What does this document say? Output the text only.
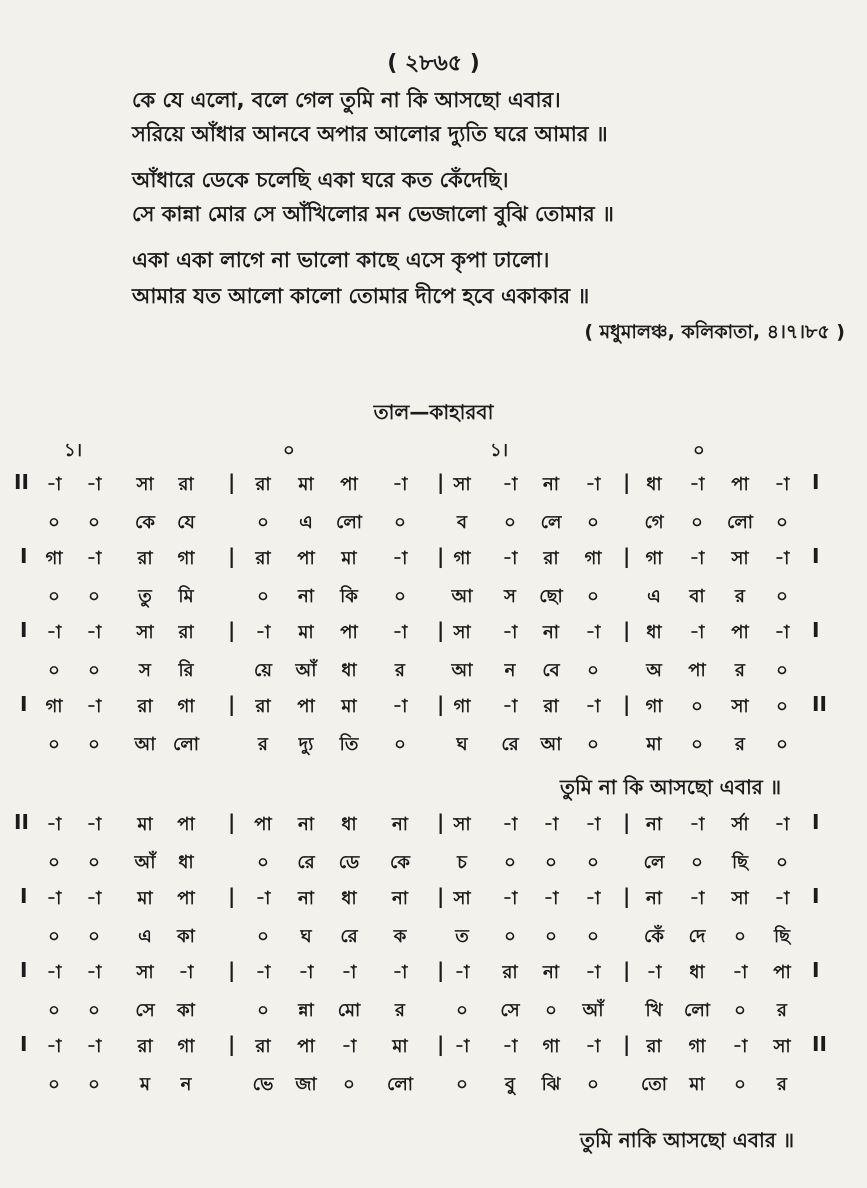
( ২৮৬৫ )
কে যে এলো, বলে গেল তুমি না কি আসছো এবার।
সরিয়ে আঁধার আনবে অপার আলোর দ্যুতি ঘরে আমার ॥
আঁধারে ডেকে চলেছি একা ঘরে কত কেঁদেছি।
সে কান্না মোর সে আঁখিলোর মন ভেজালো বুঝি তোমার ॥
একা একা লাগে না ভালো কাছে এসে কৃপা ঢালো।
আমার যত আলো কালো তোমার দীপে হবে একাকার ॥
( মধুমালঞ্চ, কলিকাতা, ৪।৭।৮৫ )
তাল—কাহারবা
১।	০	১।	০
II -া	-া	সা	রা	রা	মা	পা	-া	সা	-া	না	-া	ধা	-া	পা	-া
|	|	|	I
০	০	কে	যে	০	এ	লো	০	ব	০	লে	০	গে	০	লো	০
I	গা	-া	রা	গা	রা	পা	মা	-া	গা	-া	রা	গা	গা	-া	সা	-া
|	|	|	I
০	০	তু	মি	০	না	কি	০	আ	স	ছো	০	এ	বা	র	০
I	-া	-া	সা	রা	-া	মা	পা	-া	সা	-া	না	-া	ধা	-া	পা	-া
|	|	|	I
০	০	স	রি	য়ে	আঁ	ধা	র	আ	ন	বে	০	অ	পা	র	০
I	গা	-া	রা	গা	রা	পা	মা	-া	গা	-া	রা	-া	গা	০	সা	০
|	|	|	II
০	০	আ লো	র	দ্যু	তি	০	ঘ	রে	আ	০	মা	০	র	০
II -া	-া	মা	পা	পা	না	ধা	না	সা	-া	-া	-া	না	-া	র্সা	-া
|	|	|	I
০	০	আঁ	ধা	০	রে	ডে	কে	চ	০	০	০	লে	০	ছি	০
I	-া	-া	মা	পা	-া	না	ধা	না	সা	-া	-া	-া	না	-া	সা	-া
|	|	|	I
০	০	এ	কা	০	ঘ	রে	ক	ত	০	০	০	কেঁ	দে	০	ছি
I	-া	-া	সা	-া	-া	-া	-া	-া	-া	রা	না	-া	-া	ধা	-া	পা
|	|	|	I
০	০	সে	কা	০	ন্না	মো	র	০	সে	০	আঁ	খি	লো	০	র
I	-া	-া	রা	গা	রা	পা	-া	মা	-া	-া	গা	-া	রা	গা	-া	সা
|	|	|	II
০	০	ম	ন	ভে	জা	০	লো	০	বু	ঝি	০	তো	মা	০	র
তুমি না কি আসছো এবার ॥
তুমি নাকি আসছো এবার ॥
